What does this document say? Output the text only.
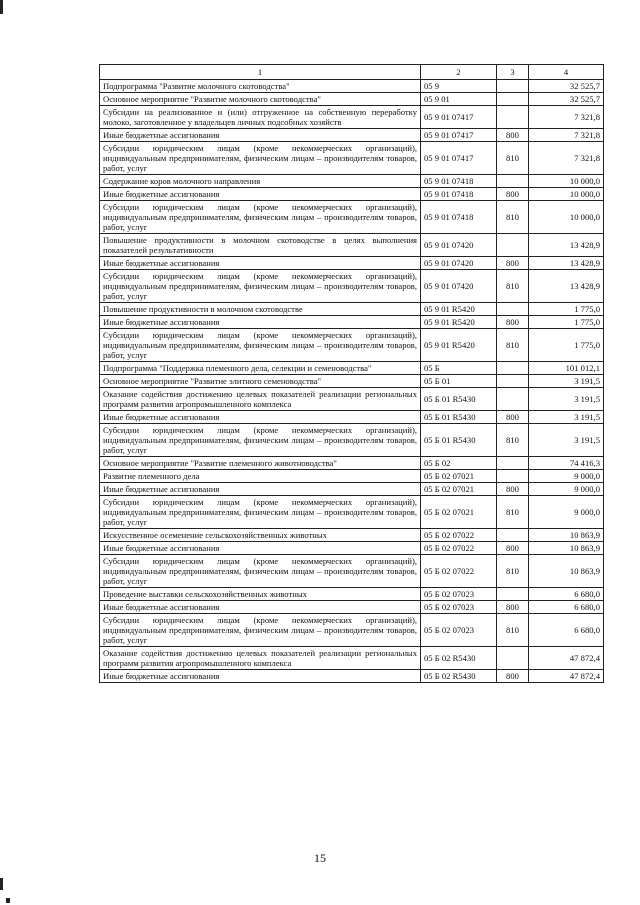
1	2	3	4
Подпрограмма "Развитие молочного скотоводства"	05 9		32 525,7
Основное мероприятие "Развитие молочного скотоводства"	05 9 01		32 525,7
Субсидии на реализованное и (или) отгруженное на собственную переработку молоко, заготовленное у владельцев личных подсобных хозяйств	05 9 01 07417		7 321,8
Иные бюджетные ассигнования	05 9 01 07417	800	7 321,8
Субсидии юридическим лицам (кроме некоммерческих организаций), индивидуальным предпринимателям, физическим лицам – производителям товаров, работ, услуг	05 9 01 07417	810	7 321,8
Содержание коров молочного направления	05 9 01 07418		10 000,0
Иные бюджетные ассигнования	05 9 01 07418	800	10 000,0
Субсидии юридическим лицам (кроме некоммерческих организаций), индивидуальным предпринимателям, физическим лицам – производителям товаров, работ, услуг	05 9 01 07418	810	10 000,0
Повышение продуктивности в молочном скотоводстве в целях выполнения показателей результативности	05 9 01 07420		13 428,9
Иные бюджетные ассигнования	05 9 01 07420	800	13 428,9
Субсидии юридическим лицам (кроме некоммерческих организаций), индивидуальным предпринимателям, физическим лицам – производителям товаров, работ, услуг	05 9 01 07420	810	13 428,9
Повышение продуктивности в молочном скотоводстве	05 9 01 R5420		1 775,0
Иные бюджетные ассигнования	05 9 01 R5420	800	1 775,0
Субсидии юридическим лицам (кроме некоммерческих организаций), индивидуальным предпринимателям, физическим лицам – производителям товаров, работ, услуг	05 9 01 R5420	810	1 775,0
Подпрограмма "Поддержка племенного дела, селекции и семеноводства"	05 Б		101 012,1
Основное мероприятие "Развитие элитного семеноводства"	05 Б 01		3 191,5
Оказание содействия достижению целевых показателей реализации региональных программ развития агропромышленного комплекса	05 Б 01 R5430		3 191,5
Иные бюджетные ассигнования	05 Б 01 R5430	800	3 191,5
Субсидии юридическим лицам (кроме некоммерческих организаций), индивидуальным предпринимателям, физическим лицам – производителям товаров, работ, услуг	05 Б 01 R5430	810	3 191,5
Основное мероприятие "Развитие племенного животноводства"	05 Б 02		74 416,3
Развитие племенного дела	05 Б 02 07021		9 000,0
Иные бюджетные ассигнования	05 Б 02 07021	800	9 000,0
Субсидии юридическим лицам (кроме некоммерческих организаций), индивидуальным предпринимателям, физическим лицам – производителям товаров, работ, услуг	05 Б 02 07021	810	9 000,0
Искусственное осеменение сельскохозяйственных животных	05 Б 02 07022		10 863,9
Иные бюджетные ассигнования	05 Б 02 07022	800	10 863,9
Субсидии юридическим лицам (кроме некоммерческих организаций), индивидуальным предпринимателям, физическим лицам – производителям товаров, работ, услуг	05 Б 02 07022	810	10 863,9
Проведение выставки сельскохозяйственных животных	05 Б 02 07023		6 680,0
Иные бюджетные ассигнования	05 Б 02 07023	800	6 680,0
Субсидии юридическим лицам (кроме некоммерческих организаций), индивидуальным предпринимателям, физическим лицам – производителям товаров, работ, услуг	05 Б 02 07023	810	6 680,0
Оказание содействия достижению целевых показателей реализации региональных программ развития агропромышленного комплекса	05 Б 02 R5430		47 872,4
Иные бюджетные ассигнования	05 Б 02 R5430	800	47 872,4
15
